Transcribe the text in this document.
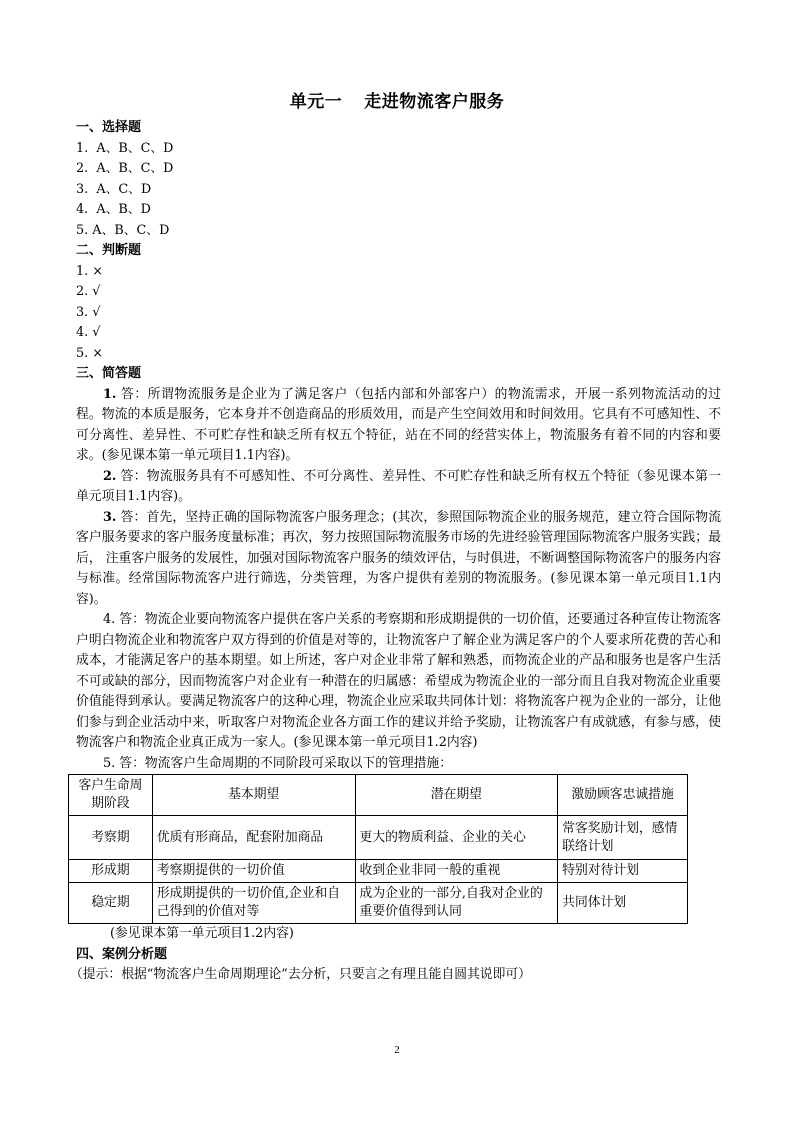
单元一 走进物流客户服务
一、选择题
1.  A、B、C、D
2.  A、B、C、D
3.  A、C、D
4.  A、B、D
5. A、B、C、D
二、判断题
1. ×
2. √
3. √
4. √
5. ×
三、简答题
1. 答：所谓物流服务是企业为了满足客户（包括内部和外部客户）的物流需求，开展一系列物流活动的过程。物流的本质是服务，它本身并不创造商品的形质效用，而是产生空间效用和时间效用。它具有不可感知性、不可分离性、差异性、不可贮存性和缺乏所有权五个特征，站在不同的经营实体上，物流服务有着不同的内容和要求。(参见课本第一单元项目1.1内容)。
2. 答：物流服务具有不可感知性、不可分离性、差异性、不可贮存性和缺乏所有权五个特征（参见课本第一单元项目1.1内容)。
3. 答：首先，坚持正确的国际物流客户服务理念；(其次，参照国际物流企业的服务规范，建立符合国际物流客户服务要求的客户服务度量标准；再次，努力按照国际物流服务市场的先进经验管理国际物流客户服务实践；最后， 注重客户服务的发展性，加强对国际物流客户服务的绩效评估，与时俱进，不断调整国际物流客户的服务内容与标准。经常国际物流客户进行筛选，分类管理，为客户提供有差别的物流服务。(参见课本第一单元项目1.1内容)。
4. 答：物流企业要向物流客户提供在客户关系的考察期和形成期提供的一切价值，还要通过各种宣传让物流客户明白物流企业和物流客户双方得到的价值是对等的，让物流客户了解企业为满足客户的个人要求所花费的苦心和成本，才能满足客户的基本期望。如上所述，客户对企业非常了解和熟悉，而物流企业的产品和服务也是客户生活不可或缺的部分，因而物流客户对企业有一种潜在的归属感：希望成为物流企业的一部分而且自我对物流企业重要价值能得到承认。要满足物流客户的这种心理，物流企业应采取共同体计划：将物流客户视为企业的一部分，让他们参与到企业活动中来，听取客户对物流企业各方面工作的建议并给予奖励，让物流客户有成就感，有参与感，使物流客户和物流企业真正成为一家人。(参见课本第一单元项目1.2内容)
5. 答：物流客户生命周期的不同阶段可采取以下的管理措施：
客户生命周期阶段	基本期望	潜在期望	激励顾客忠诚措施
考察期	优质有形商品，配套附加商品	更大的物质利益、企业的关心	常客奖励计划，感情联络计划
形成期	考察期提供的一切价值	收到企业非同一般的重视	特别对待计划
稳定期	形成期提供的一切价值,企业和自己得到的价值对等	成为企业的一部分,自我对企业的重要价值得到认同	共同体计划
(参见课本第一单元项目1.2内容)
四、案例分析题
（提示：根据“物流客户生命周期理论”去分析，只要言之有理且能自圆其说即可）
2
